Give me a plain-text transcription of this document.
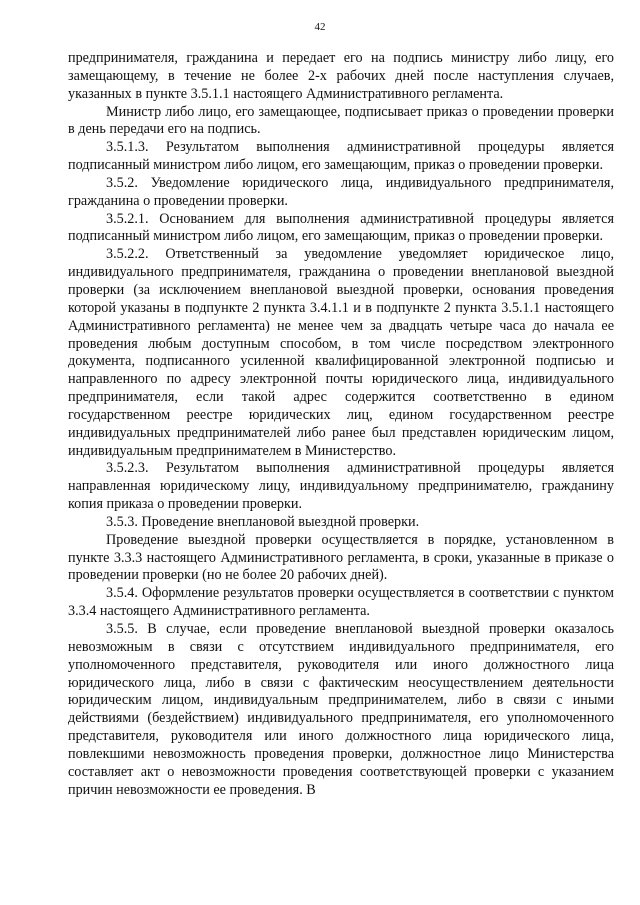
42

предпринимателя, гражданина и передает его на подпись министру либо лицу, его замещающему, в течение не более 2-х рабочих дней после наступления случаев, указанных в пункте 3.5.1.1 настоящего Административного регламента.

Министр либо лицо, его замещающее, подписывает приказ о проведении проверки в день передачи его на подпись.

3.5.1.3. Результатом выполнения административной процедуры является подписанный министром либо лицом, его замещающим, приказ о проведении проверки.

3.5.2. Уведомление юридического лица, индивидуального предпринимателя, гражданина о проведении проверки.

3.5.2.1. Основанием для выполнения административной процедуры является подписанный министром либо лицом, его замещающим, приказ о проведении проверки.

3.5.2.2. Ответственный за уведомление уведомляет юридическое лицо, индивидуального предпринимателя, гражданина о проведении внеплановой выездной проверки (за исключением внеплановой выездной проверки, основания проведения которой указаны в подпункте 2 пункта 3.4.1.1 и в подпункте 2 пункта 3.5.1.1 настоящего Административного регламента) не менее чем за двадцать четыре часа до начала ее проведения любым доступным способом, в том числе посредством электронного документа, подписанного усиленной квалифицированной электронной подписью и направленного по адресу электронной почты юридического лица, индивидуального предпринимателя, если такой адрес содержится соответственно в едином государственном реестре юридических лиц, едином государственном реестре индивидуальных предпринимателей либо ранее был представлен юридическим лицом, индивидуальным предпринимателем в Министерство.

3.5.2.3. Результатом выполнения административной процедуры является направленная юридическому лицу, индивидуальному предпринимателю, гражданину копия приказа о проведении проверки.

3.5.3. Проведение внеплановой выездной проверки.

Проведение выездной проверки осуществляется в порядке, установленном в пункте 3.3.3 настоящего Административного регламента, в сроки, указанные в приказе о проведении проверки (но не более 20 рабочих дней).

3.5.4. Оформление результатов проверки осуществляется в соответствии с пунктом 3.3.4 настоящего Административного регламента.

3.5.5. В случае, если проведение внеплановой выездной проверки оказалось невозможным в связи с отсутствием индивидуального предпринимателя, его уполномоченного представителя, руководителя или иного должностного лица юридического лица, либо в связи с фактическим неосуществлением деятельности юридическим лицом, индивидуальным предпринимателем, либо в связи с иными действиями (бездействием) индивидуального предпринимателя, его уполномоченного представителя, руководителя или иного должностного лица юридического лица, повлекшими невозможность проведения проверки, должностное лицо Министерства составляет акт о невозможности проведения соответствующей проверки с указанием причин невозможности ее проведения. В
